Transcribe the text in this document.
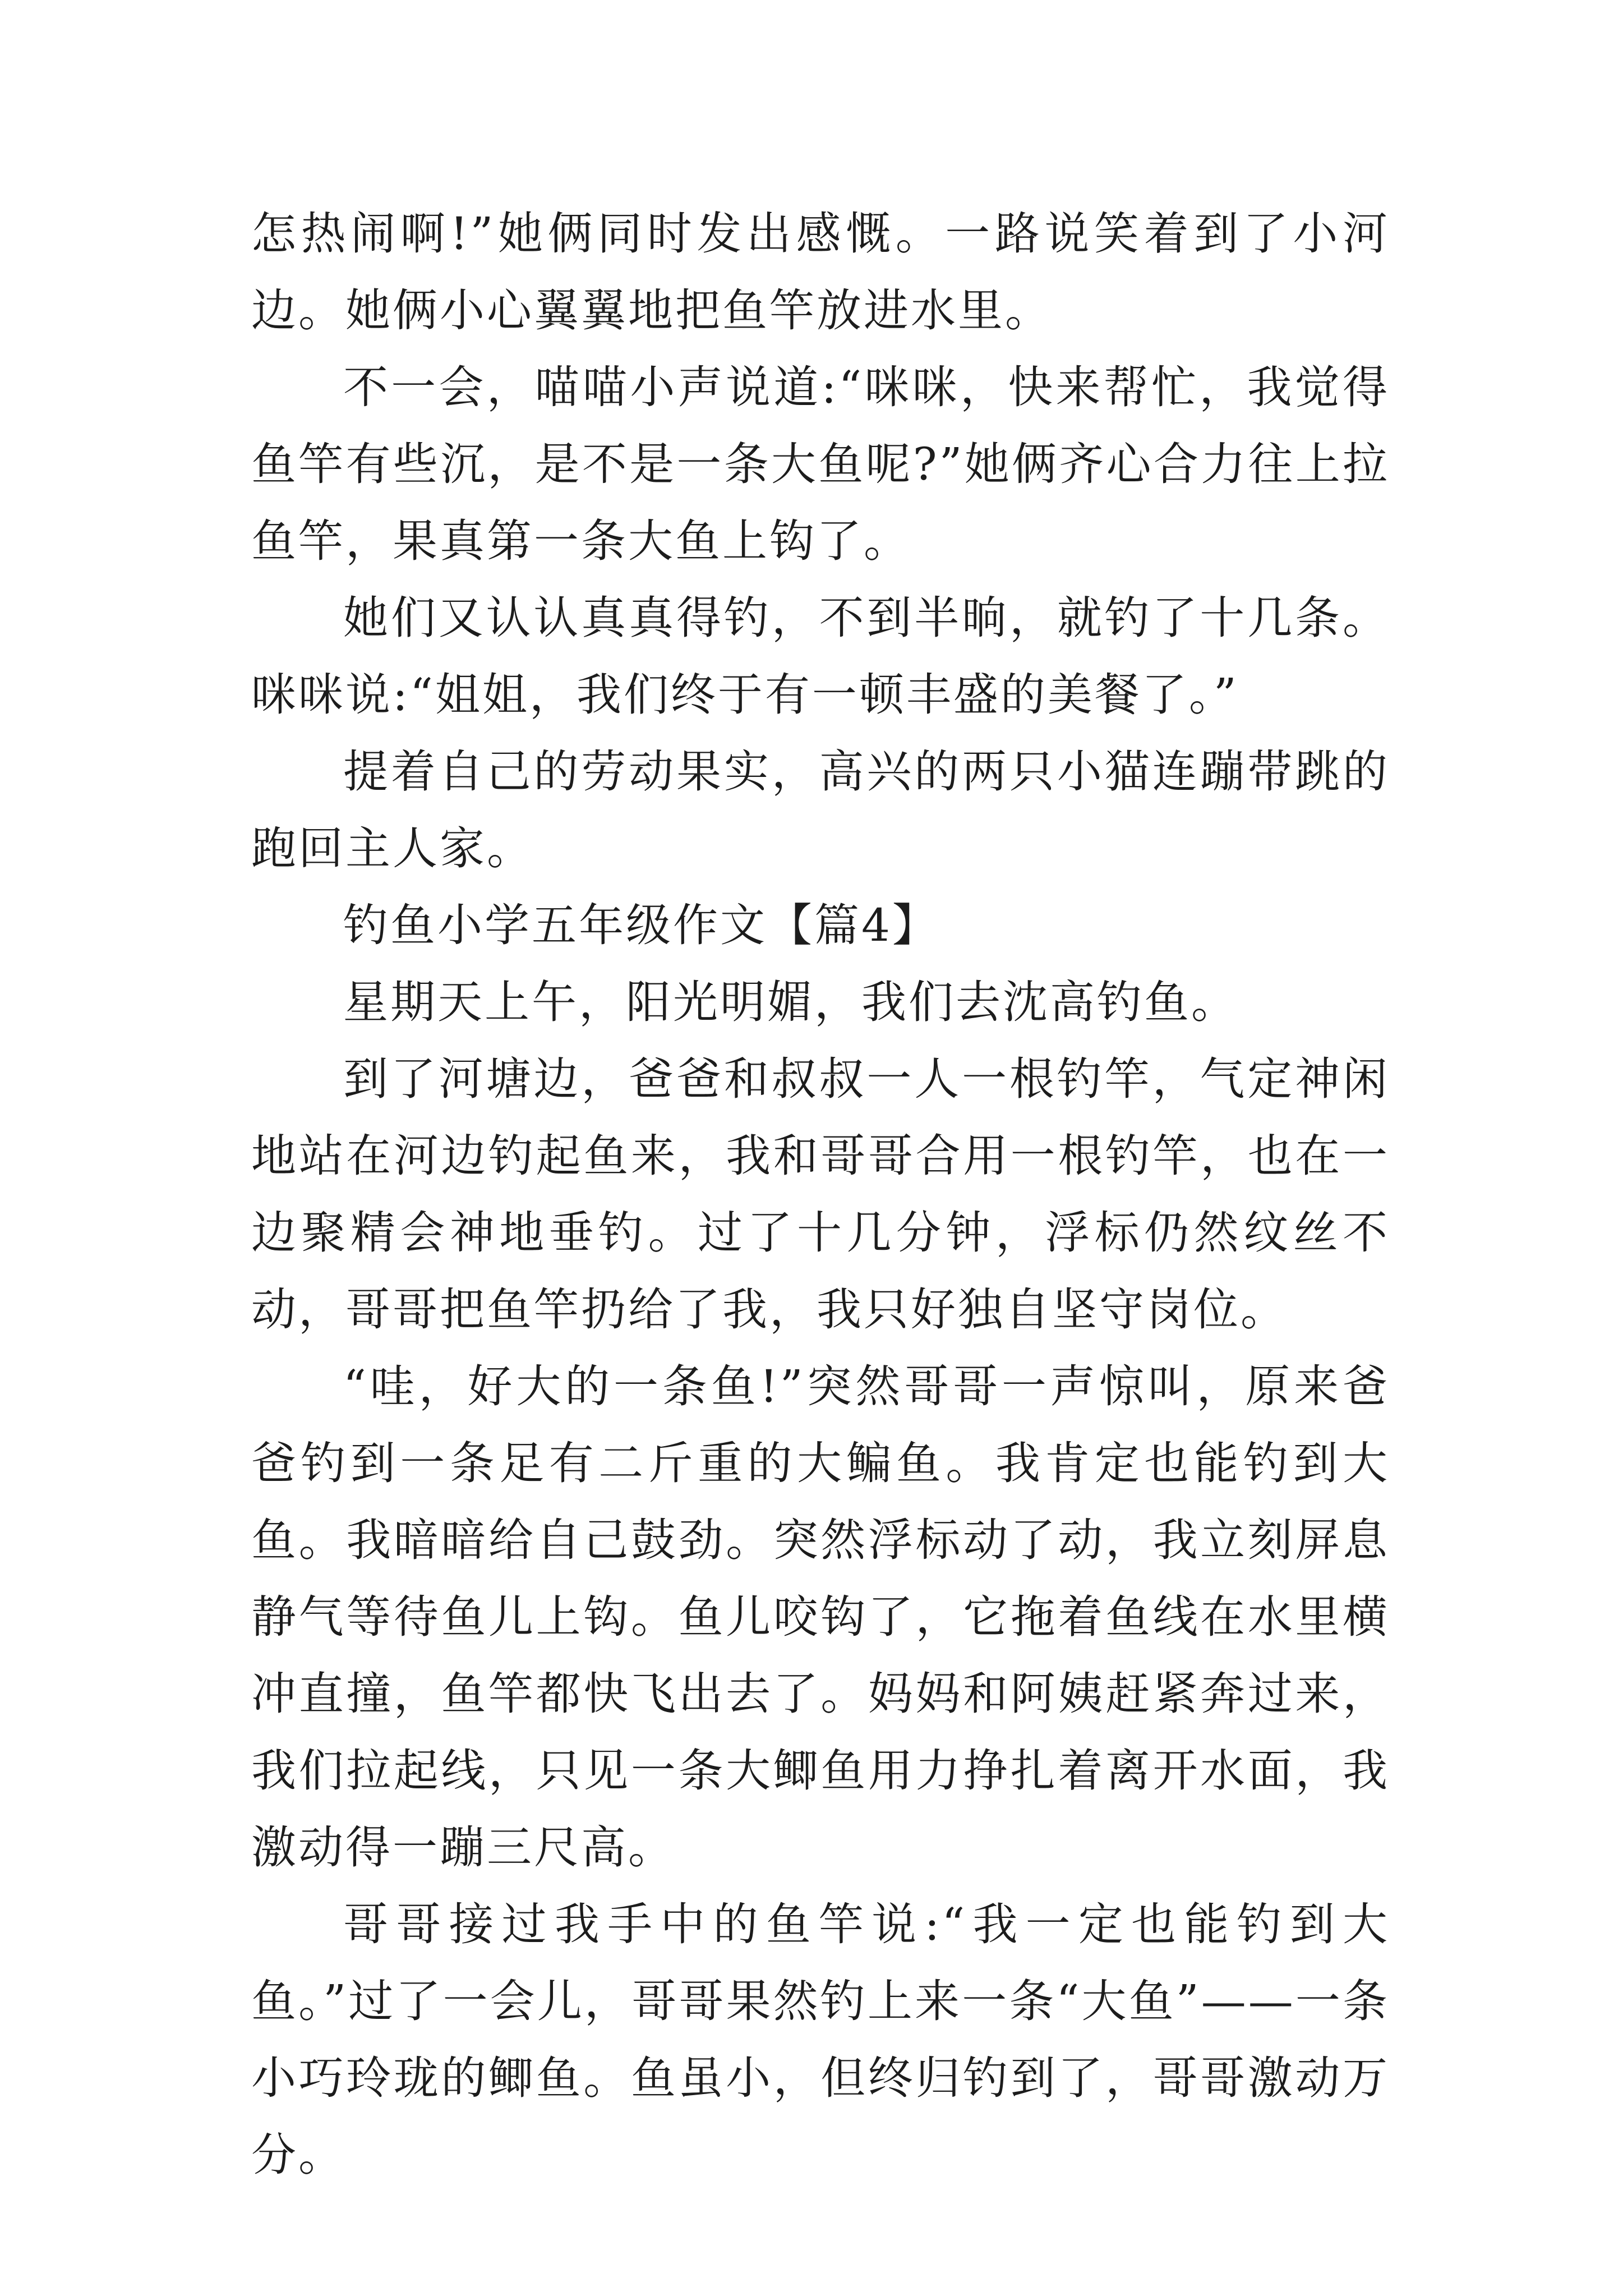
怎热闹啊!”她俩同时发出感慨。一路说笑着到了小河边。她俩小心翼翼地把鱼竿放进水里。

不一会，喵喵小声说道:“咪咪，快来帮忙，我觉得鱼竿有些沉，是不是一条大鱼呢?”她俩齐心合力往上拉鱼竿，果真第一条大鱼上钩了。

她们又认认真真得钓，不到半晌，就钓了十几条。咪咪说:“姐姐，我们终于有一顿丰盛的美餐了。”

提着自己的劳动果实，高兴的两只小猫连蹦带跳的跑回主人家。

钓鱼小学五年级作文【篇4】

星期天上午，阳光明媚，我们去沈高钓鱼。

到了河塘边，爸爸和叔叔一人一根钓竿，气定神闲地站在河边钓起鱼来，我和哥哥合用一根钓竿，也在一边聚精会神地垂钓。过了十几分钟，浮标仍然纹丝不动，哥哥把鱼竿扔给了我，我只好独自坚守岗位。

“哇，好大的一条鱼!”突然哥哥一声惊叫，原来爸爸钓到一条足有二斤重的大鳊鱼。我肯定也能钓到大鱼。我暗暗给自己鼓劲。突然浮标动了动，我立刻屏息静气等待鱼儿上钩。鱼儿咬钩了，它拖着鱼线在水里横冲直撞，鱼竿都快飞出去了。妈妈和阿姨赶紧奔过来，我们拉起线，只见一条大鲫鱼用力挣扎着离开水面，我激动得一蹦三尺高。

哥哥接过我手中的鱼竿说:“我一定也能钓到大鱼。”过了一会儿，哥哥果然钓上来一条“大鱼”——一条小巧玲珑的鲫鱼。鱼虽小，但终归钓到了，哥哥激动万分。
